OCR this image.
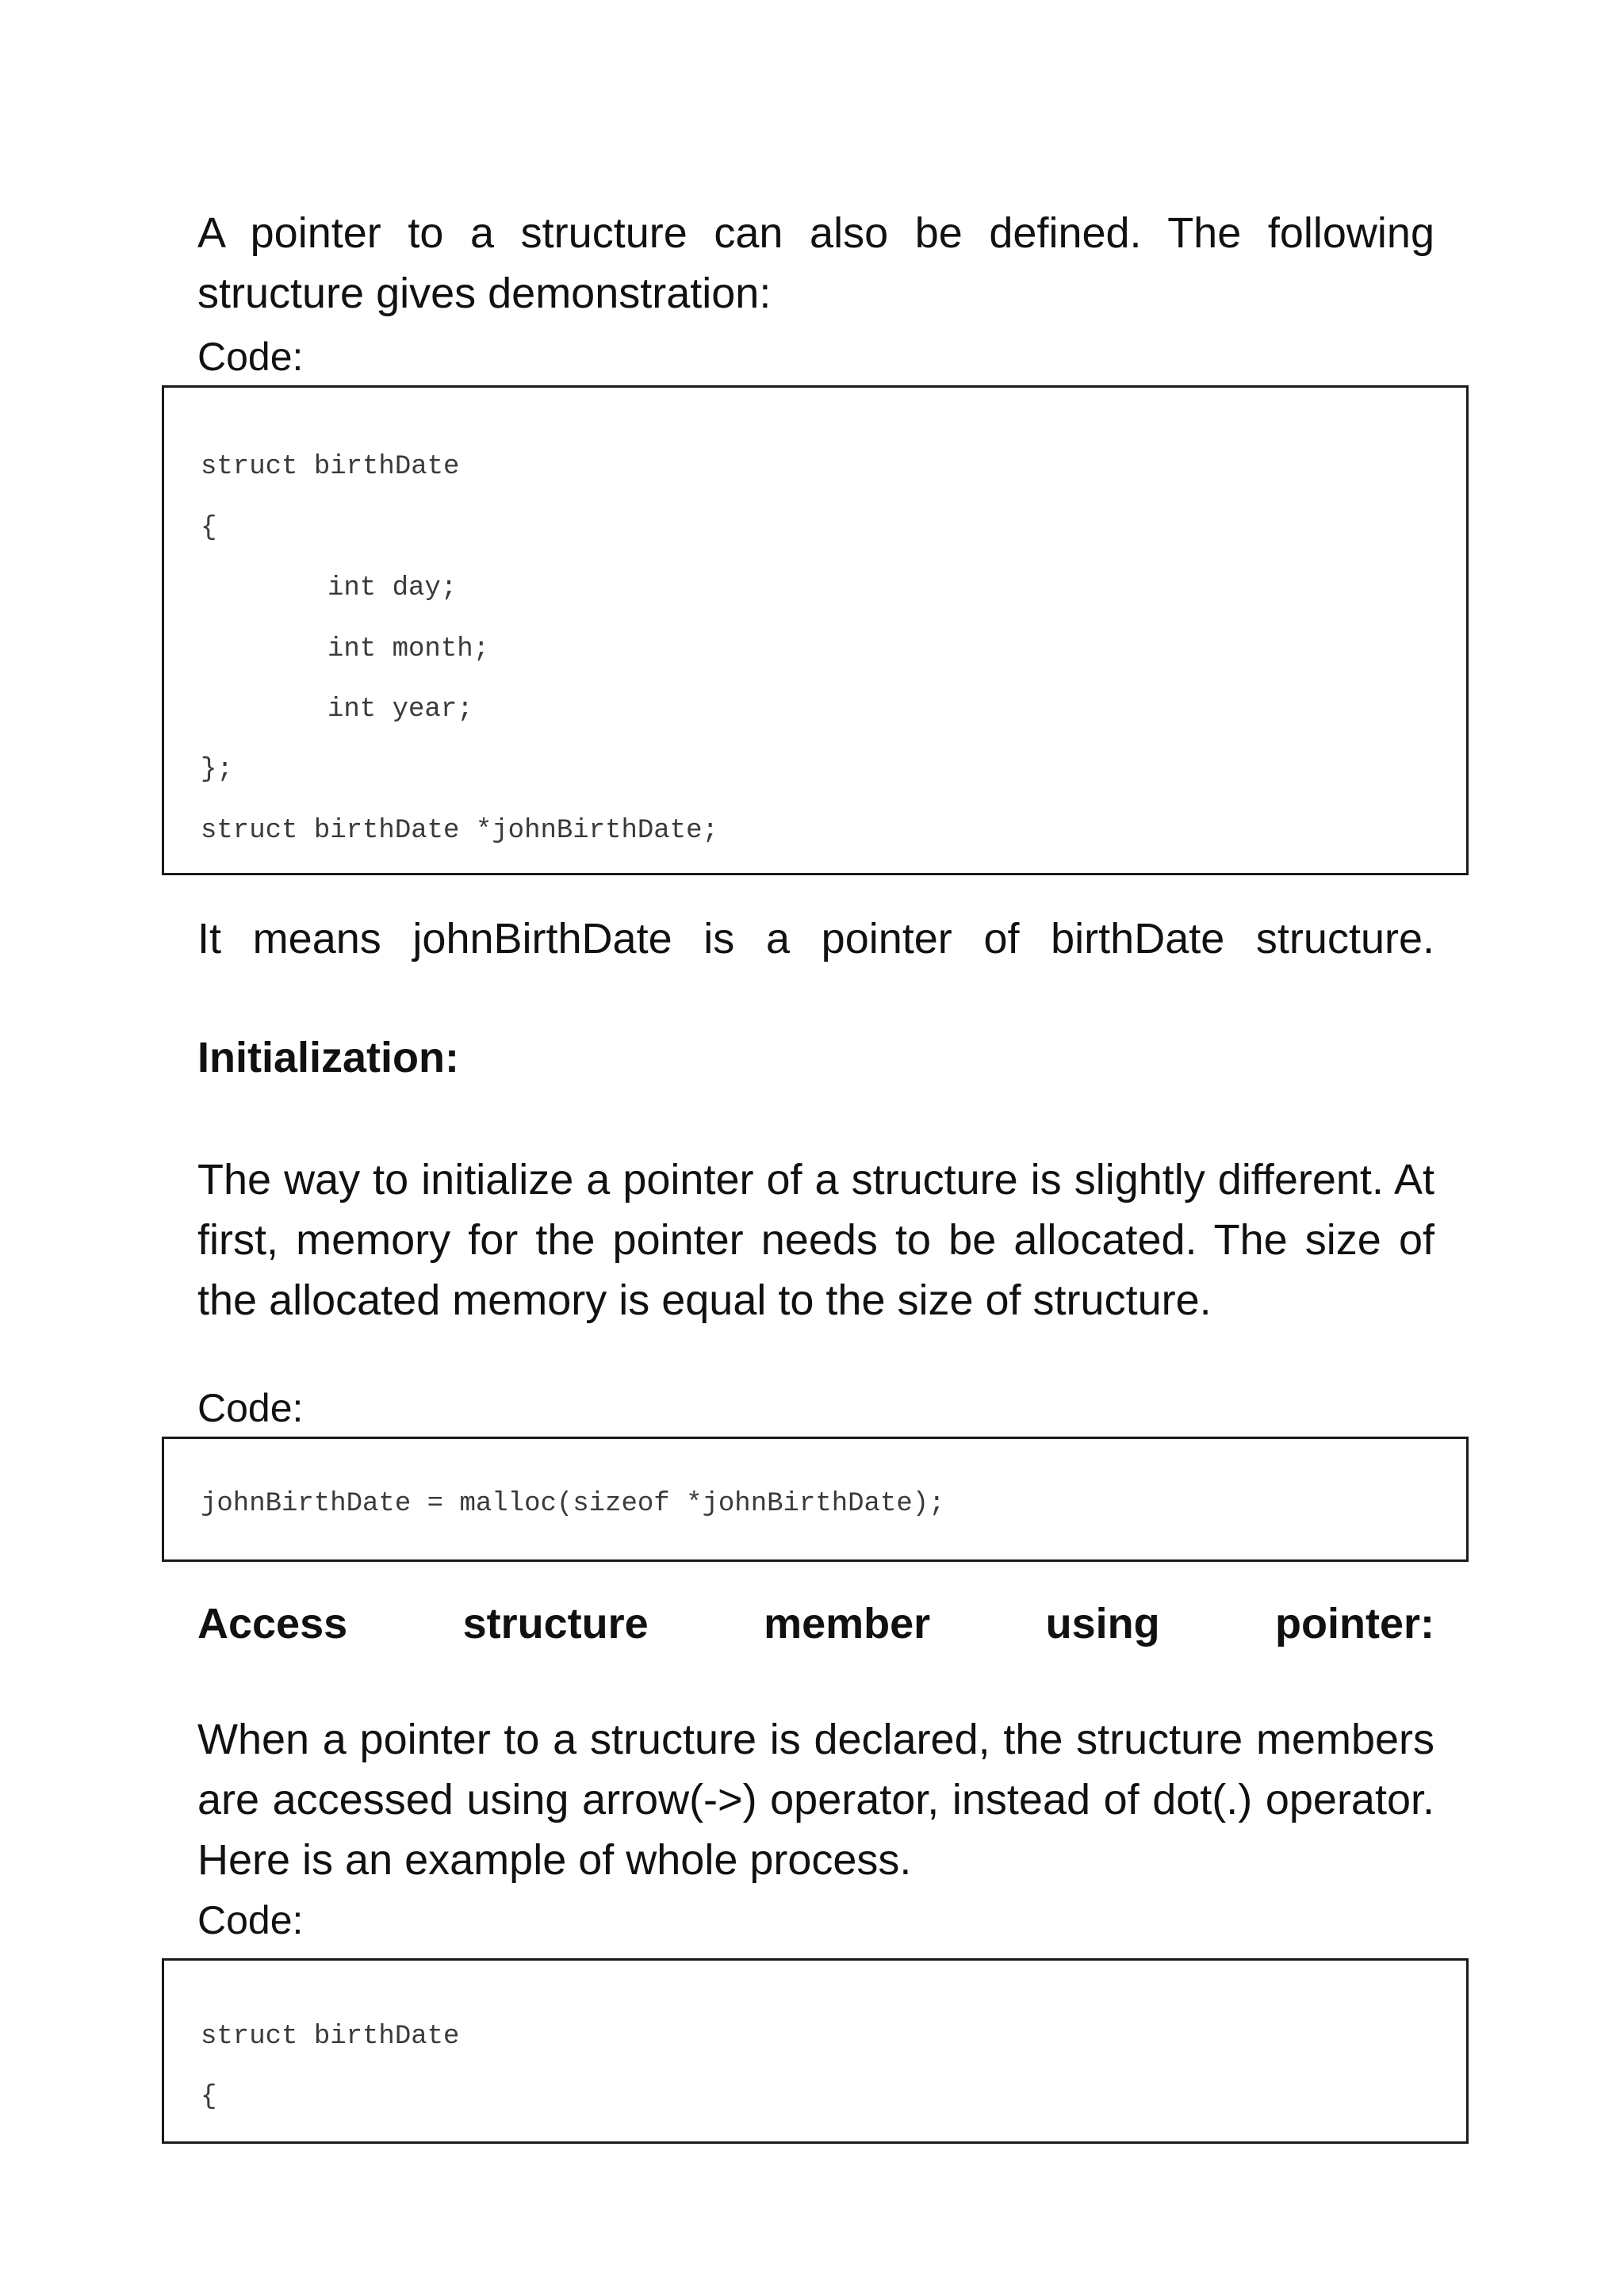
A pointer to a structure can also be defined. The following structure gives demonstration:

Code:

struct birthDate
{
int day;
int month;
int year;
};
struct birthDate *johnBirthDate;

It means johnBirthDate is a pointer of birthDate structure.

Initialization:

The way to initialize a pointer of a structure is slightly different. At first, memory for the pointer needs to be allocated. The size of the allocated memory is equal to the size of structure.

Code:

johnBirthDate = malloc(sizeof *johnBirthDate);
Access structure member using pointer:

When a pointer to a structure is declared, the structure members are accessed using arrow(->) operator, instead of dot(.) operator. Here is an example of whole process.

Code:

struct birthDate
{
